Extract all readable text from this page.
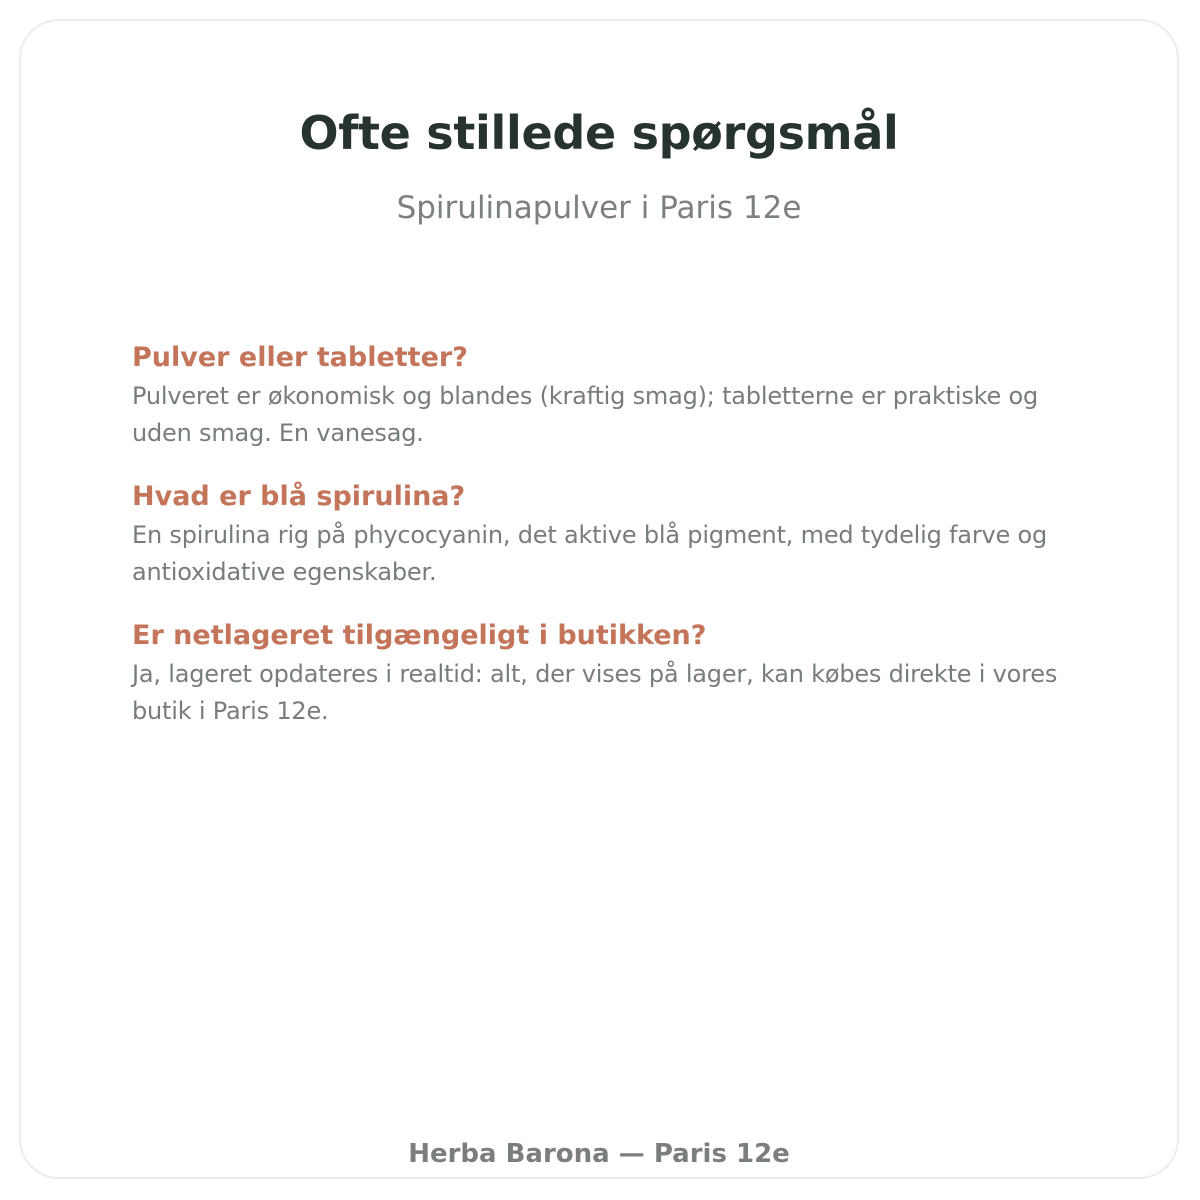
Ofte stillede spørgsmål

Spirulinapulver i Paris 12e

Pulver eller tabletter?

Pulveret er økonomisk og blandes (kraftig smag); tabletterne er praktiske og uden smag. En vanesag.

Hvad er blå spirulina?

En spirulina rig på phycocyanin, det aktive blå pigment, med tydelig farve og antioxidative egenskaber.

Er netlageret tilgængeligt i butikken?

Ja, lageret opdateres i realtid: alt, der vises på lager, kan købes direkte i vores butik i Paris 12e.

Herba Barona — Paris 12e
